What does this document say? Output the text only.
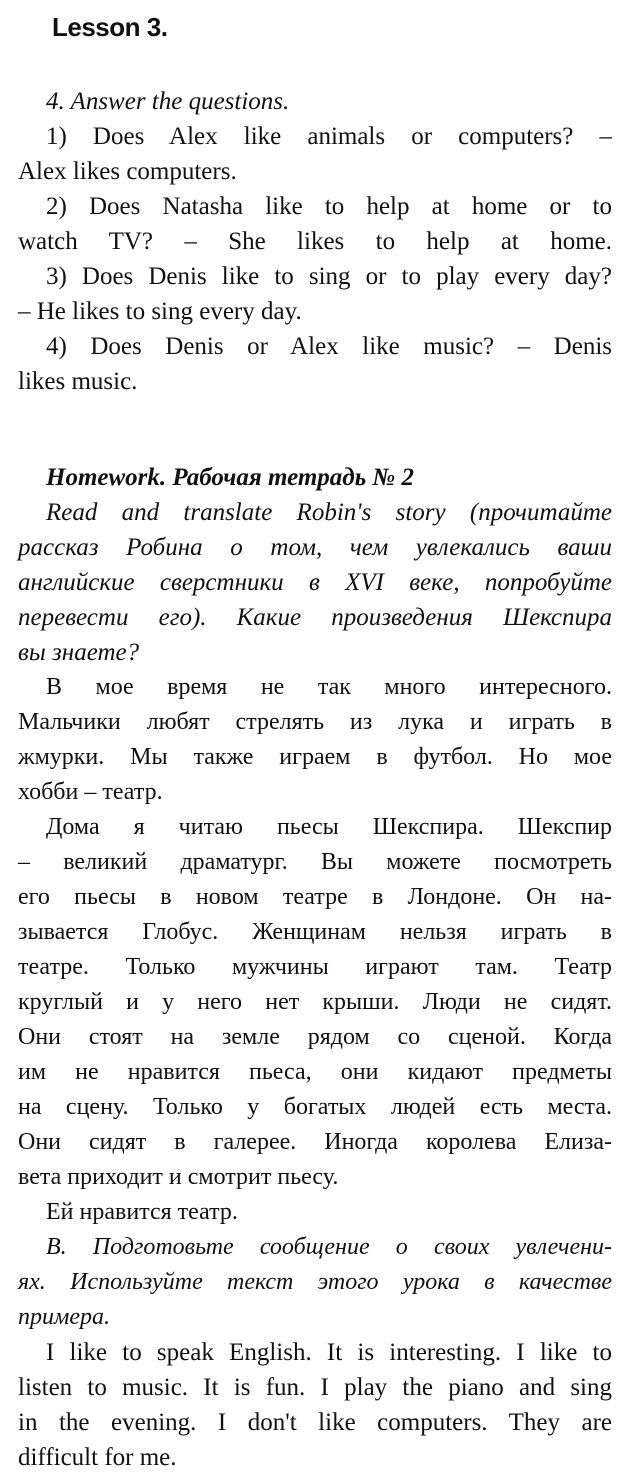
Lesson 3.
4. Answer the questions.
1) Does Alex like animals or computers? –
Alex likes computers.
2) Does Natasha like to help at home or to
watch TV? – She likes to help at home.
3) Does Denis like to sing or to play every day?
– He likes to sing every day.
4) Does Denis or Alex like music? – Denis
likes music.
Homework. Рабочая тетрадь № 2
Read and translate Robin's story (прочитайте
рассказ Робина о том, чем увлекались ваши
английские сверстники в XVI веке, попробуйте
перевести его). Какие произведения Шекспира
вы знаете?
В мое время не так много интересного.
Мальчики любят стрелять из лука и играть в
жмурки. Мы также играем в футбол. Но мое
хобби – театр.
Дома я читаю пьесы Шекспира. Шекспир
– великий драматург. Вы можете посмотреть
его пьесы в новом театре в Лондоне. Он на-
зывается Глобус. Женщинам нельзя играть в
театре. Только мужчины играют там. Театр
круглый и у него нет крыши. Люди не сидят.
Они стоят на земле рядом со сценой. Когда
им не нравится пьеса, они кидают предметы
на сцену. Только у богатых людей есть места.
Они сидят в галерее. Иногда королева Елиза-
вета приходит и смотрит пьесу.
Ей нравится театр.
B. Подготовьте сообщение о своих увлечени-
ях. Используйте текст этого урока в качестве
примера.
I like to speak English. It is interesting. I like to
listen to music. It is fun. I play the piano and sing
in the evening. I don't like computers. They are
difficult for me.
